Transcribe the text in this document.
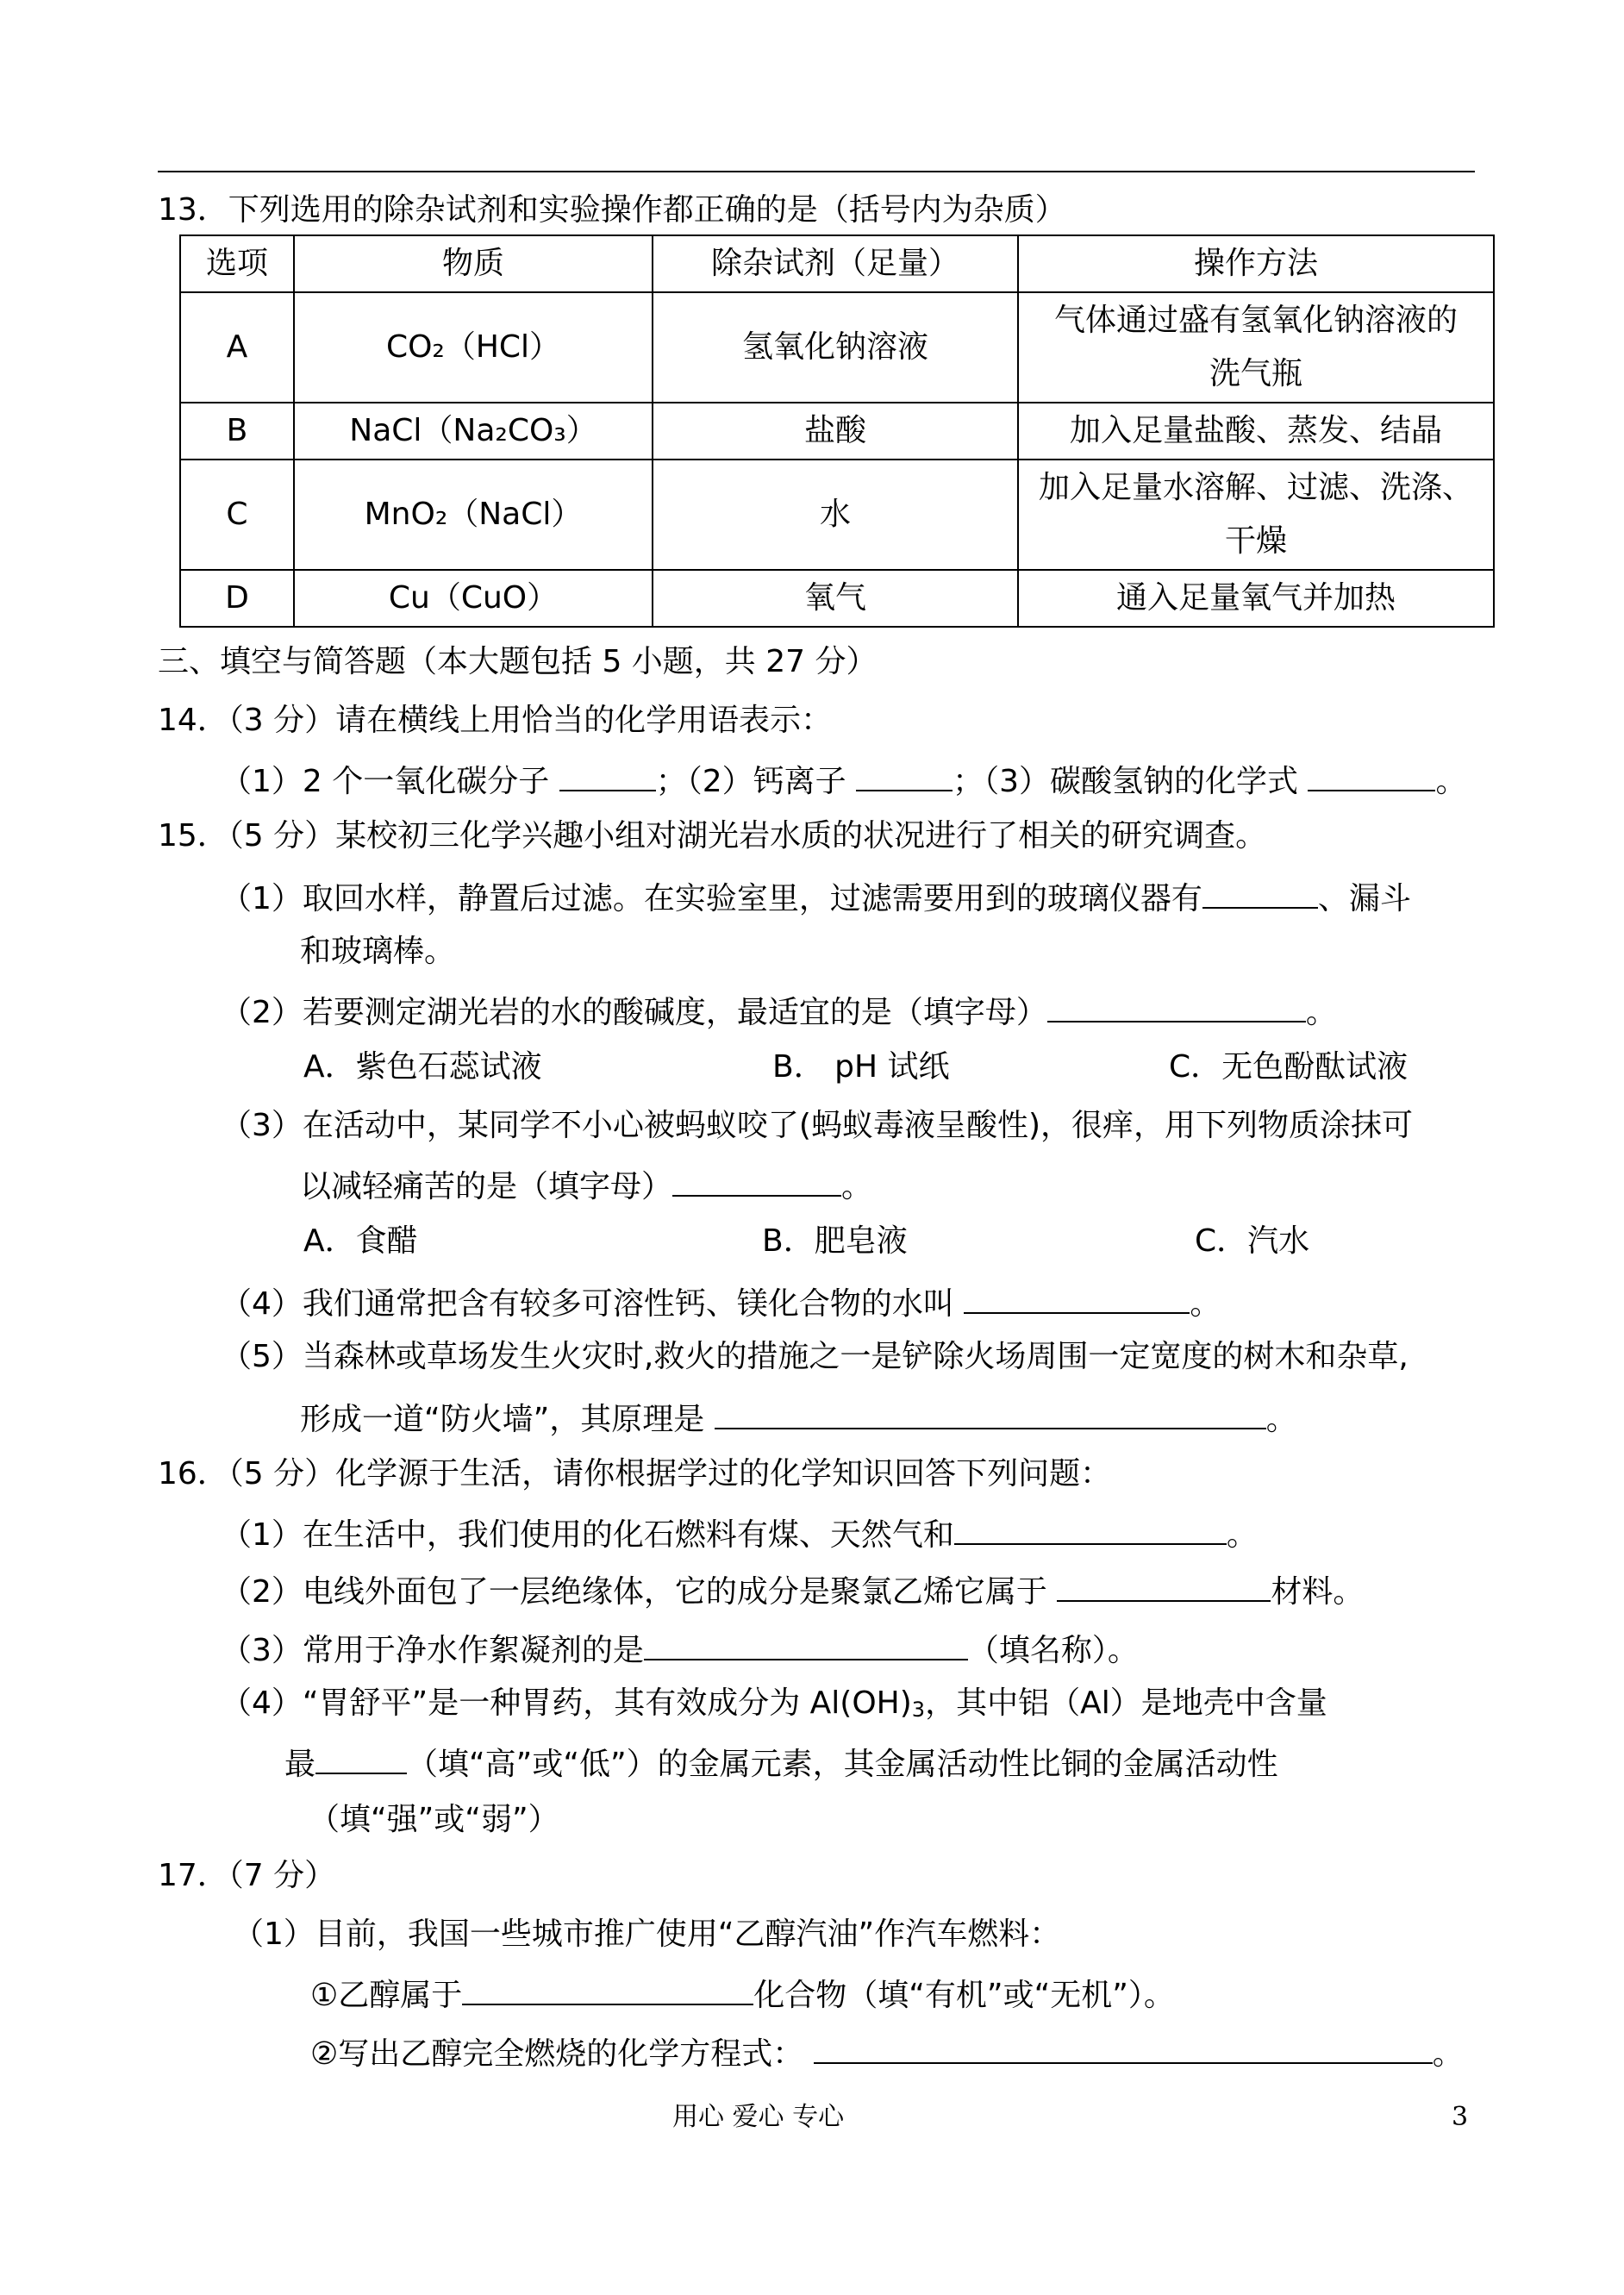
13．下列选用的除杂试剂和实验操作都正确的是（括号内为杂质）
选项	物质	除杂试剂（足量）	操作方法
A	CO₂（HCl）	氢氧化钠溶液	气体通过盛有氢氧化钠溶液的
洗气瓶

B	NaCl（Na₂CO₃）	盐酸	加入足量盐酸、蒸发、结晶
C	MnO₂（NaCl）	水	加入足量水溶解、过滤、洗涤、
干燥

D	Cu（CuO）	氧气	通入足量氧气并加热
三、填空与简答题（本大题包括 5 小题，共 27 分）
14．（3 分）请在横线上用恰当的化学用语表示：
（1）2 个一氧化碳分子	；（2）钙离子	；（3）碳酸氢钠的化学式	。
15．（5 分）某校初三化学兴趣小组对湖光岩水质的状况进行了相关的研究调查。
（1）取回水样，静置后过滤。在实验室里，过滤需要用到的玻璃仪器有	、漏斗
和玻璃棒。
（2）若要测定湖光岩的水的酸碱度，最适宜的是（填字母）	。
A．紫色石蕊试液	B． pH 试纸	C．无色酚酞试液
（3）在活动中，某同学不小心被蚂蚁咬了(蚂蚁毒液呈酸性)，很痒，用下列物质涂抹可
以减轻痛苦的是（填字母）	。
A．食醋	B．肥皂液	C．汽水
（4）我们通常把含有较多可溶性钙、镁化合物的水叫	。
（5）当森林或草场发生火灾时,救火的措施之一是铲除火场周围一定宽度的树木和杂草,
形成一道“防火墙”，其原理是	。
16．（5 分）化学源于生活，请你根据学过的化学知识回答下列问题：
（1）在生活中，我们使用的化石燃料有煤、天然气和	。
（2）电线外面包了一层绝缘体，它的成分是聚氯乙烯它属于	材料。
（3）常用于净水作絮凝剂的是	（填名称）。
（4）“胃舒平”是一种胃药，其有效成分为 $Al(OH)_3$，其中铝（Al）是地壳中含量
最	（填“高”或“低”）的金属元素，其金属活动性比铜的金属活动性
（填“强”或“弱”）
17．（7 分）
（1）目前，我国一些城市推广使用“乙醇汽油”作汽车燃料：
①乙醇属于	化合物（填“有机”或“无机”）。
②写出乙醇完全燃烧的化学方程式：	。
用心 爱心 专心	3
